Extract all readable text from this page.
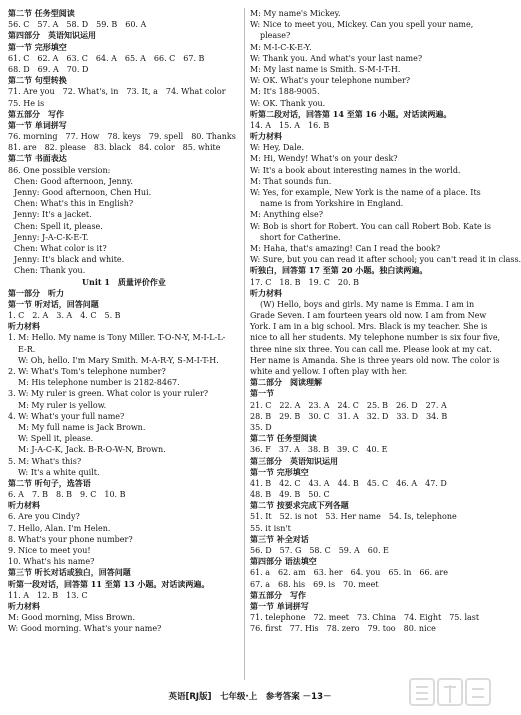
第二节 任务型阅读
56. C　57. A　58. D　59. B　60. A
第四部分　英语知识运用
第一节 完形填空
61. C　62. A　63. C　64. A　65. A　66. C　67. B
68. D　69. A　70. D
第二节 句型转换
71. Are you　72. What's, in　73. It, a　74. What color
75. He is
第五部分　写作
第一节 单词拼写
76. morning　77. How　78. keys　79. spell　80. Thanks
81. are　82. please　83. black　84. color　85. white
第二节 书面表达
86. One possible version:
Chen: Good afternoon, Jenny.
Jenny: Good afternoon, Chen Hui.
Chen: What's this in English?
Jenny: It's a jacket.
Chen: Spell it, please.
Jenny: J-A-C-K-E-T.
Chen: What color is it?
Jenny: It's black and white.
Chen: Thank you.
Unit 1　质量评价作业
第一部分　听力
第一节 听对话，回答问题
1. C　2. A　3. A　4. C　5. B
听力材料
1. M: Hello. My name is Tony Miller. T-O-N-Y, M-I-L-L-
E-R.
W: Oh, hello. I'm Mary Smith. M-A-R-Y, S-M-I-T-H.
2. W: What's Tom's telephone number?
M: His telephone number is 2182-8467.
3. W: My ruler is green. What color is your ruler?
M: My ruler is yellow.
4. W: What's your full name?
M: My full name is Jack Brown.
W: Spell it, please.
M: J-A-C-K, Jack. B-R-O-W-N, Brown.
5. M: What's this?
W: It's a white quilt.
第二节 听句子，选答语
6. A　7. B　8. B　9. C　10. B
听力材料
6. Are you Cindy?
7. Hello, Alan. I'm Helen.
8. What's your phone number?
9. Nice to meet you!
10. What's his name?
第三节 听长对话或独白，回答问题
听第一段对话，回答第 11 至第 13 小题。对话读两遍。
11. A　12. B　13. C
听力材料
M: Good morning, Miss Brown.
W: Good morning. What's your name?
M: My name's Mickey.
W: Nice to meet you, Mickey. Can you spell your name,
please?
M: M-I-C-K-E-Y.
W: Thank you. And what's your last name?
M: My last name is Smith. S-M-I-T-H.
W: OK. What's your telephone number?
M: It's 188-9005.
W: OK. Thank you.
听第二段对话，回答第 14 至第 16 小题。对话读两遍。
14. A　15. A　16. B
听力材料
W: Hey, Dale.
M: Hi, Wendy! What's on your desk?
W: It's a book about interesting names in the world.
M: That sounds fun.
W: Yes, for example, New York is the name of a place. Its
name is from Yorkshire in England.
M: Anything else?
W: Bob is short for Robert. You can call Robert Bob. Kate is
short for Catherine.
M: Haha, that's amazing! Can I read the book?
W: Sure, but you can read it after school; you can't read it in class.
听独白，回答第 17 至第 20 小题。独白读两遍。
17. C　18. B　19. C　20. B
听力材料
(W) Hello, boys and girls. My name is Emma. I am in
Grade Seven. I am fourteen years old now. I am from New
York. I am in a big school. Mrs. Black is my teacher. She is
nice to all her students. My telephone number is six four five,
three nine six three. You can call me. Please look at my cat.
Her name is Amanda. She is three years old now. The color is
white and yellow. I often play with her.
第二部分　阅读理解
第一节
21. C　22. A　23. A　24. C　25. B　26. D　27. A
28. B　29. B　30. C　31. A　32. D　33. D　34. B
35. D
第二节 任务型阅读
36. F　37. A　38. B　39. C　40. E
第三部分　英语知识运用
第一节 完形填空
41. B　42. C　43. A　44. B　45. C　46. A　47. D
48. B　49. B　50. C
第二节 按要求完成下列各题
51. It　52. is not　53. Her name　54. Is, telephone
55. it isn't
第三节 补全对话
56. D　57. G　58. C　59. A　60. E
第四部分 语法填空
61. a　62. am　63. her　64. you　65. in　66. are
67. a　68. his　69. is　70. meet
第五部分　写作
第一节 单词拼写
71. telephone　72. meet　73. China　74. Eight　75. last
76. first　77. His　78. zero　79. too　80. nice
英语[RJ版]　七年级·上　参考答案 －13－
